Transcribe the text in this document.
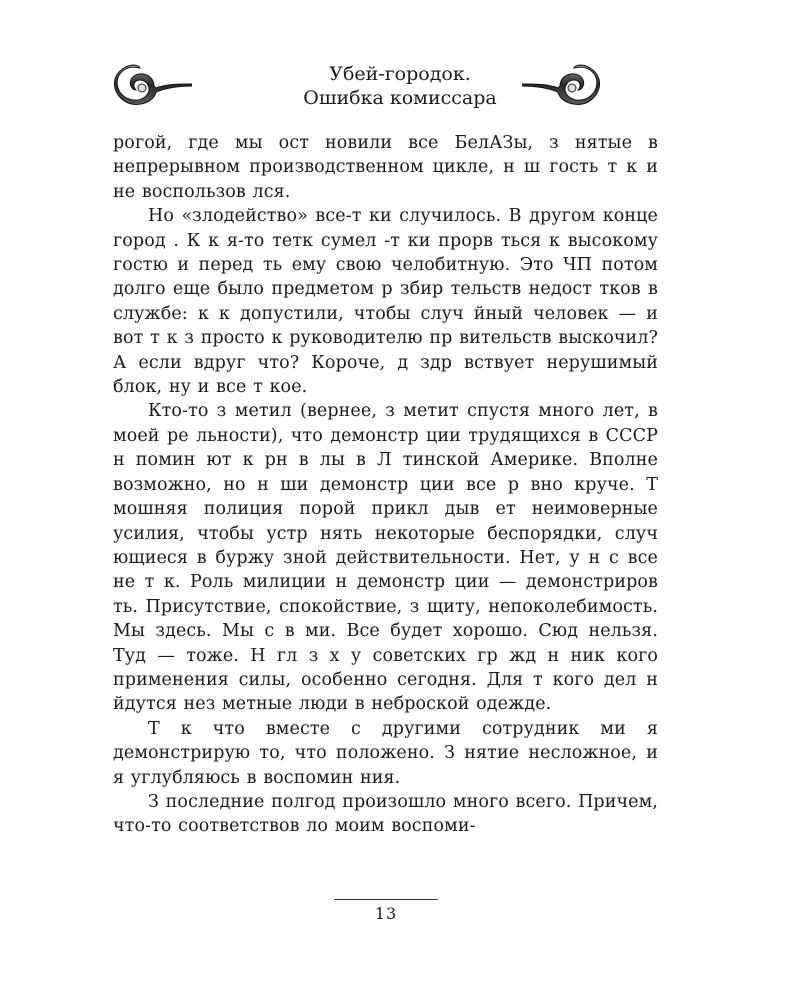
Убей-городок.
Ошибка комиссара

рогой, где мы ост новили все БелАЗы, з нятые в непрерывном производственном цикле, н ш гость т к и не воспользов лся.

Но «злодейство» все-т ки случилось. В другом конце город . К к я-то тетк сумел -т ки прорв ться к высокому гостю и перед ть ему свою челобитную. Это ЧП потом долго еще было предметом р збир тельств недост тков в службе: к к допустили, чтобы случ йный человек — и вот т к з просто к руководителю пр вительств выскочил? А если вдруг что? Короче, д здр вствует нерушимый блок, ну и все т кое.

Кто-то з метил (вернее, з метит спустя много лет, в моей ре льности), что демонстр ции трудящихся в СССР н помин ют к рн в лы в Л тинской Америке. Вполне возможно, но н ши демонстр ции все р вно круче. Т мошняя полиция порой прикл дыв ет неимоверные усилия, чтобы устр нять некоторые беспорядки, случ ющиеся в буржу зной действительности. Нет, у н с все не т к. Роль милиции н демонстр ции — демонстриров ть. Присутствие, спокойствие, з щиту, непоколебимость. Мы здесь. Мы с в ми. Все будет хорошо. Сюд нельзя. Туд — тоже. Н гл з х у советских гр жд н ник кого применения силы, особенно сегодня. Для т кого дел н йдутся нез метные люди в неброской одежде.

Т к что вместе с другими сотрудник ми я демонстрирую то, что положено. З нятие несложное, и я углубляюсь в воспомин ния.

З последние полгод произошло много всего. Причем, что-то соответствов ло моим воспоми-

13
